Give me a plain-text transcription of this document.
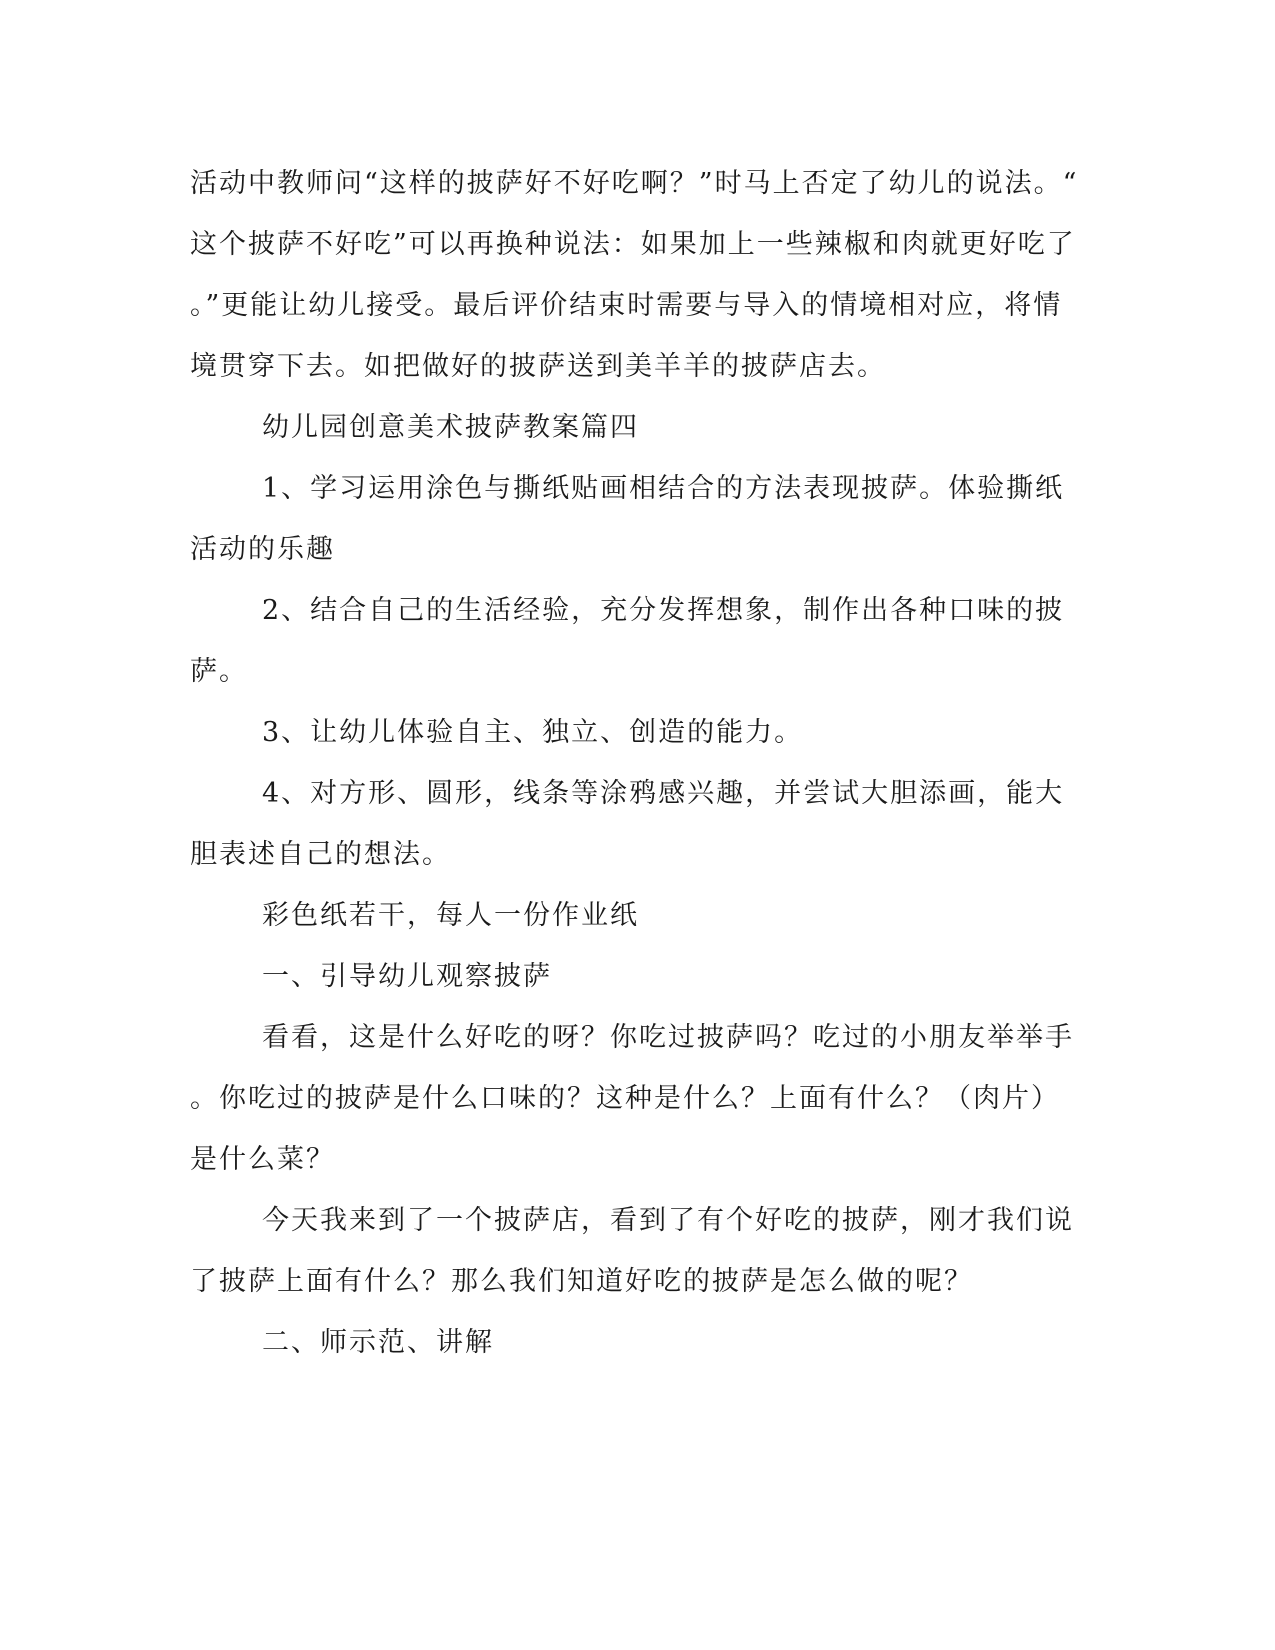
活动中教师问“这样的披萨好不好吃啊？”时马上否定了幼儿的说法。“
这个披萨不好吃”可以再换种说法：如果加上一些辣椒和肉就更好吃了
。”更能让幼儿接受。最后评价结束时需要与导入的情境相对应，将情
境贯穿下去。如把做好的披萨送到美羊羊的披萨店去。
幼儿园创意美术披萨教案篇四
1、学习运用涂色与撕纸贴画相结合的方法表现披萨。体验撕纸
活动的乐趣
2、结合自己的生活经验，充分发挥想象，制作出各种口味的披
萨。
3、让幼儿体验自主、独立、创造的能力。
4、对方形、圆形，线条等涂鸦感兴趣，并尝试大胆添画，能大
胆表述自己的想法。
彩色纸若干，每人一份作业纸
一、引导幼儿观察披萨
看看，这是什么好吃的呀？你吃过披萨吗？吃过的小朋友举举手
。你吃过的披萨是什么口味的？这种是什么？上面有什么？（肉片）
是什么菜？
今天我来到了一个披萨店，看到了有个好吃的披萨，刚才我们说
了披萨上面有什么？那么我们知道好吃的披萨是怎么做的呢？
二、师示范、讲解
